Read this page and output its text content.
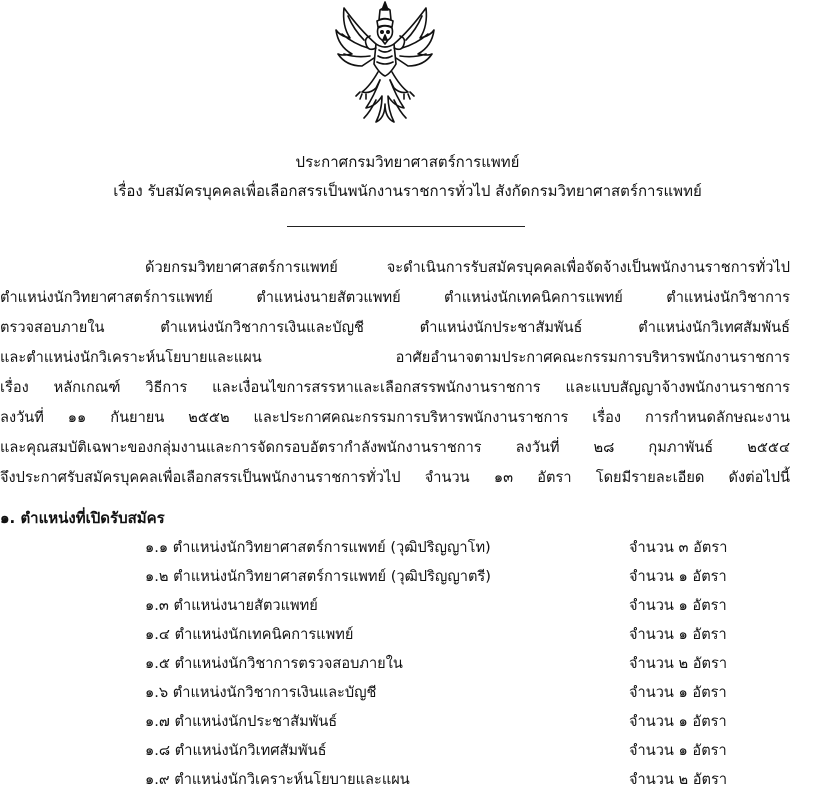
ประกาศกรมวิทยาศาสตร์การแพทย์
เรื่อง รับสมัครบุคคลเพื่อเลือกสรรเป็นพนักงานราชการทั่วไป สังกัดกรมวิทยาศาสตร์การแพทย์
ด้วยกรมวิทยาศาสตร์การแพทย์ จะดำเนินการรับสมัครบุคคลเพื่อจัดจ้างเป็นพนักงานราชการทั่วไป
ตำแหน่งนักวิทยาศาสตร์การแพทย์ ตำแหน่งนายสัตวแพทย์ ตำแหน่งนักเทคนิคการแพทย์ ตำแหน่งนักวิชาการ
ตรวจสอบภายใน ตำแหน่งนักวิชาการเงินและบัญชี ตำแหน่งนักประชาสัมพันธ์ ตำแหน่งนักวิเทศสัมพันธ์
และตำแหน่งนักวิเคราะห์นโยบายและแผน อาศัยอำนาจตามประกาศคณะกรรมการบริหารพนักงานราชการ
เรื่อง หลักเกณฑ์ วิธีการ และเงื่อนไขการสรรหาและเลือกสรรพนักงานราชการ และแบบสัญญาจ้างพนักงานราชการ
ลงวันที่ ๑๑ กันยายน ๒๕๕๒ และประกาศคณะกรรมการบริหารพนักงานราชการ เรื่อง การกำหนดลักษณะงาน
และคุณสมบัติเฉพาะของกลุ่มงานและการจัดกรอบอัตรากำลังพนักงานราชการ ลงวันที่ ๒๘ กุมภาพันธ์ ๒๕๕๔
จึงประกาศรับสมัครบุคคลเพื่อเลือกสรรเป็นพนักงานราชการทั่วไป จำนวน ๑๓ อัตรา โดยมีรายละเอียด ดังต่อไปนี้
๑. ตำแหน่งที่เปิดรับสมัคร
๑.๑ ตำแหน่งนักวิทยาศาสตร์การแพทย์ (วุฒิปริญญาโท)	จำนวน ๓ อัตรา
๑.๒ ตำแหน่งนักวิทยาศาสตร์การแพทย์ (วุฒิปริญญาตรี)	จำนวน ๑ อัตรา
๑.๓ ตำแหน่งนายสัตวแพทย์	จำนวน ๑ อัตรา
๑.๔ ตำแหน่งนักเทคนิคการแพทย์	จำนวน ๑ อัตรา
๑.๕ ตำแหน่งนักวิชาการตรวจสอบภายใน	จำนวน ๒ อัตรา
๑.๖ ตำแหน่งนักวิชาการเงินและบัญชี	จำนวน ๑ อัตรา
๑.๗ ตำแหน่งนักประชาสัมพันธ์	จำนวน ๑ อัตรา
๑.๘ ตำแหน่งนักวิเทศสัมพันธ์	จำนวน ๑ อัตรา
๑.๙ ตำแหน่งนักวิเคราะห์นโยบายและแผน	จำนวน ๒ อัตรา
